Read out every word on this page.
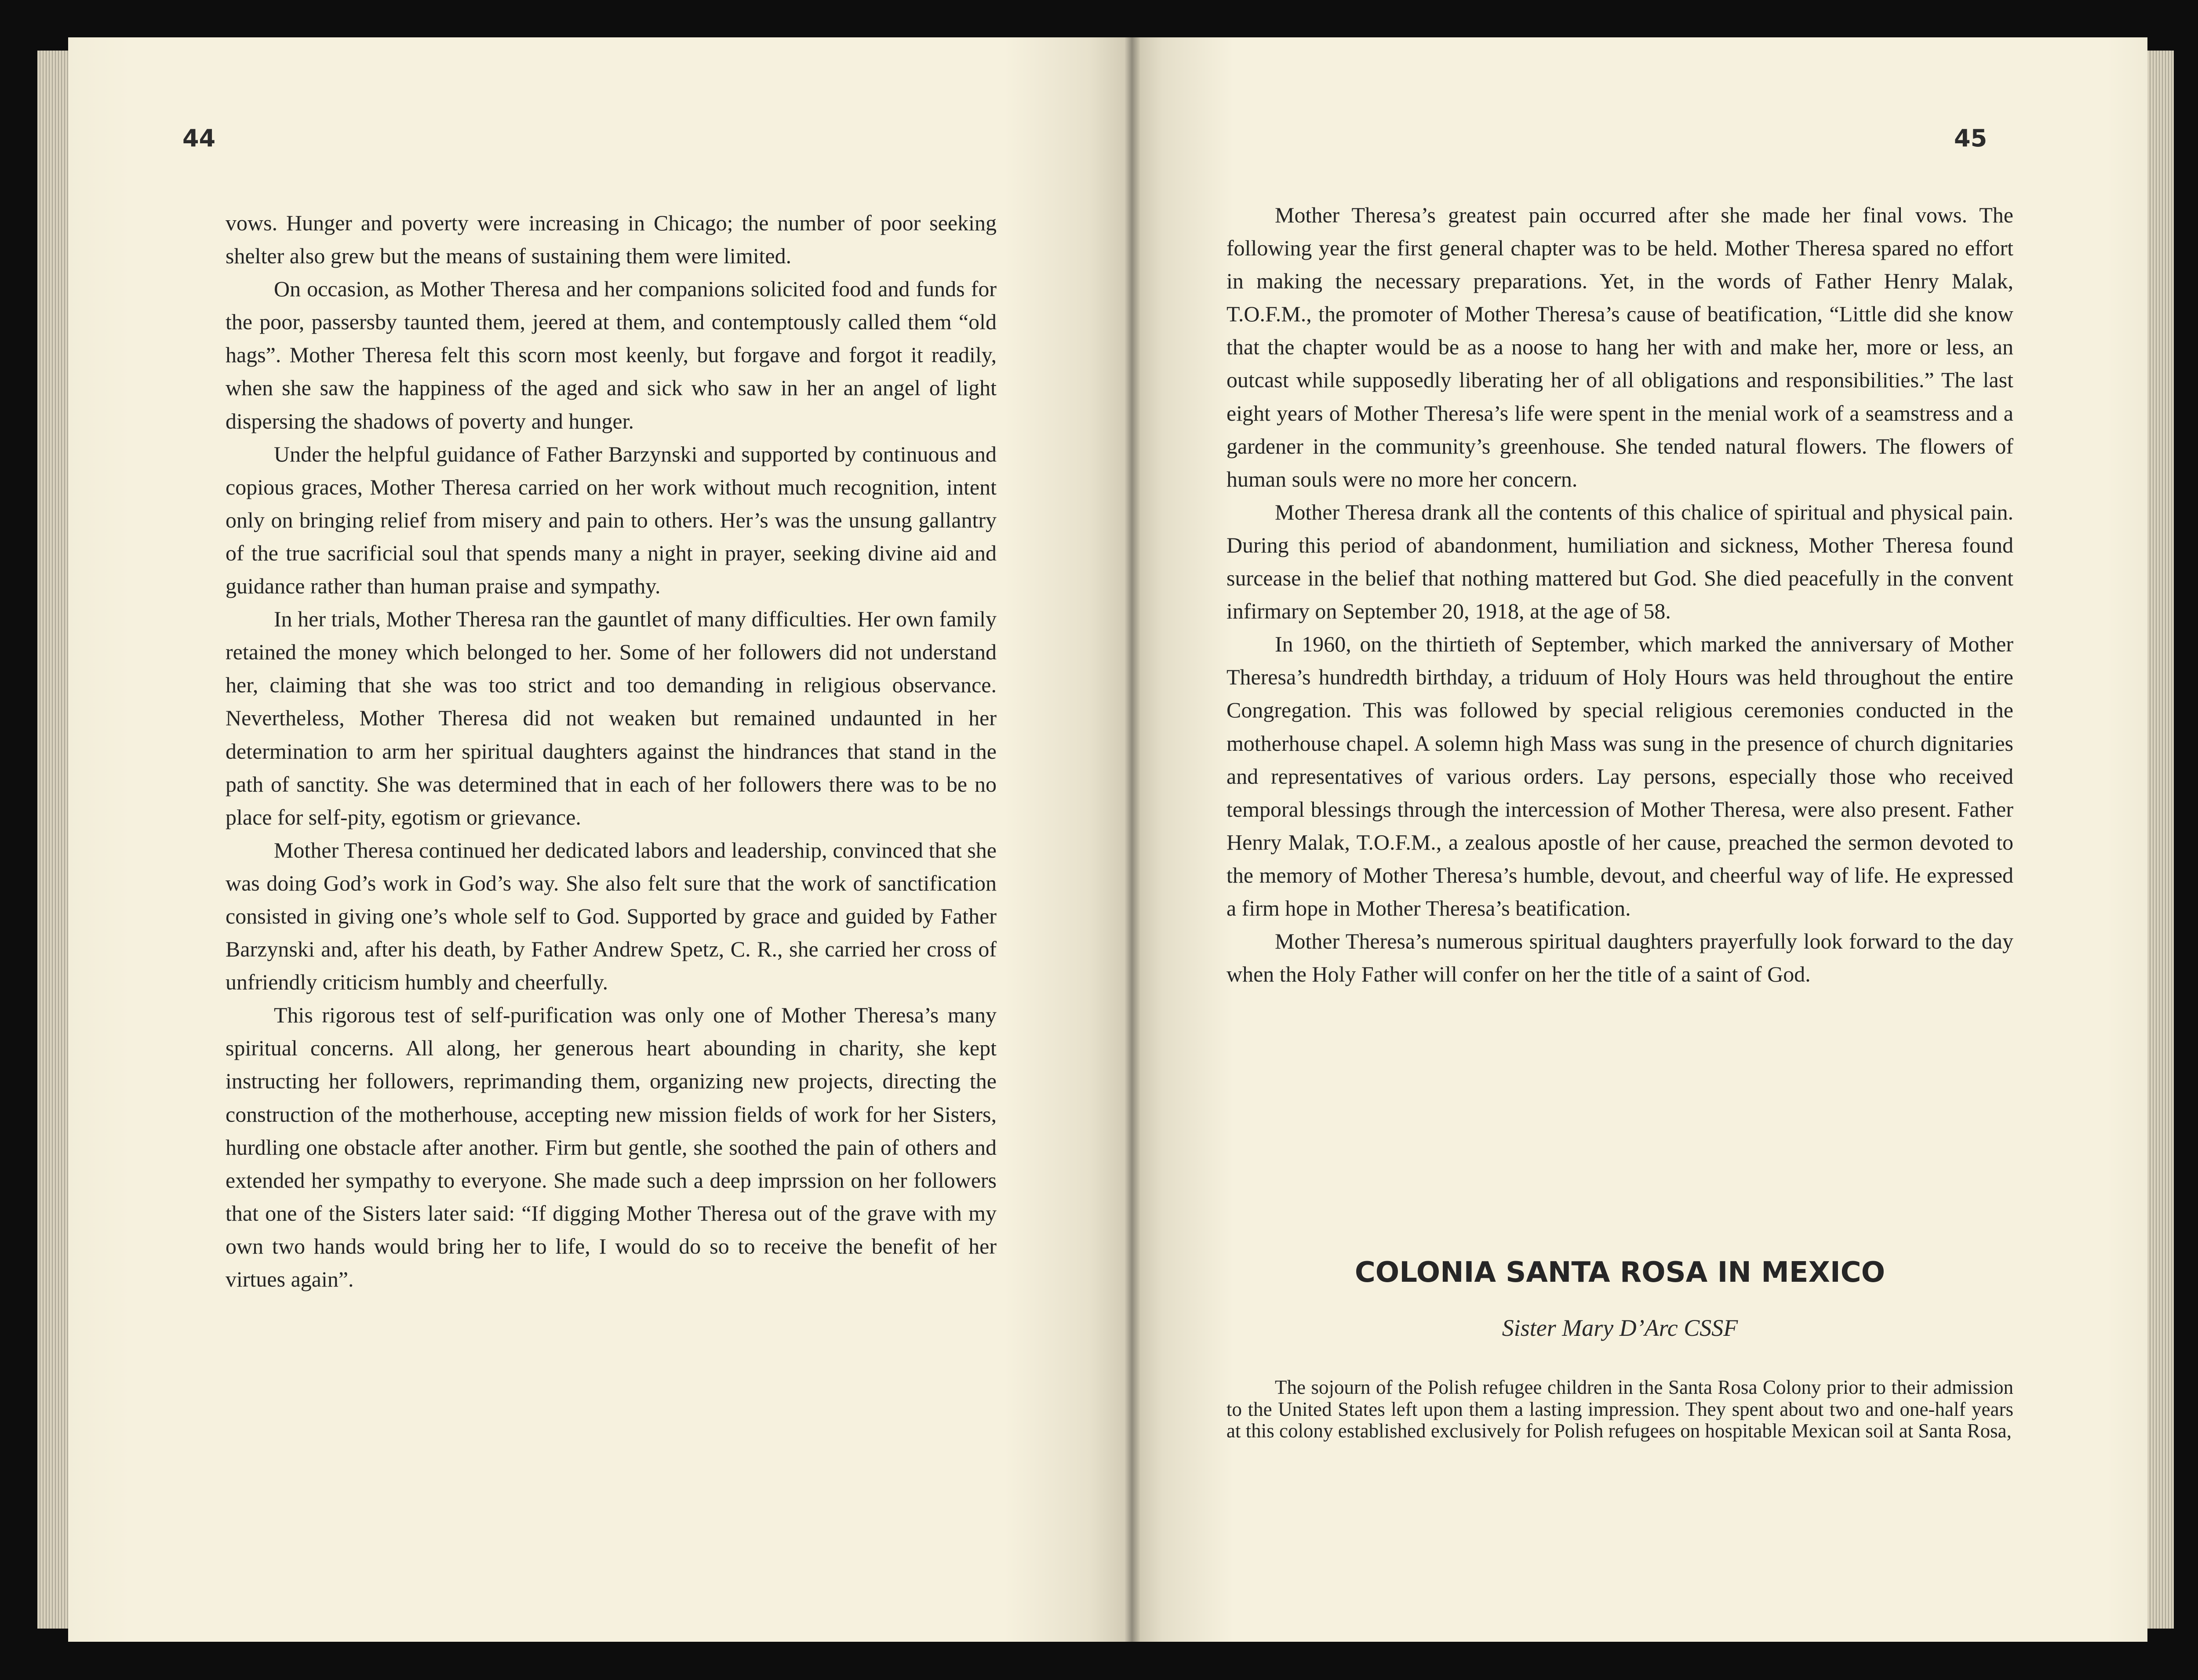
44	45

vows. Hunger and poverty were increasing in Chicago; the number of poor seeking shelter also grew but the means of sustaining them were limited.

On occasion, as Mother Theresa and her companions solicited food and funds for the poor, passersby taunted them, jeered at them, and contemptously called them “old hags”. Mother Theresa felt this scorn most keenly, but forgave and forgot it readily, when she saw the happiness of the aged and sick who saw in her an angel of light dispersing the shadows of poverty and hunger.

Under the helpful guidance of Father Barzynski and supported by continuous and copious graces, Mother Theresa carried on her work without much recognition, intent only on bringing relief from misery and pain to others. Her’s was the unsung gallantry of the true sacrificial soul that spends many a night in prayer, seeking divine aid and guidance rather than human praise and sympathy.

In her trials, Mother Theresa ran the gauntlet of many difficulties. Her own family retained the money which belonged to her. Some of her followers did not understand her, claiming that she was too strict and too demanding in religious observance. Nevertheless, Mother Theresa did not weaken but remained undaunted in her determination to arm her spiritual daughters against the hindrances that stand in the path of sanctity. She was determined that in each of her followers there was to be no place for self-pity, egotism or grievance.

Mother Theresa continued her dedicated labors and leadership, convinced that she was doing God’s work in God’s way. She also felt sure that the work of sanctification consisted in giving one’s whole self to God. Supported by grace and guided by Father Barzynski and, after his death, by Father Andrew Spetz, C. R., she carried her cross of unfriendly criticism humbly and cheerfully.

This rigorous test of self-purification was only one of Mother Theresa’s many spiritual concerns. All along, her generous heart abounding in charity, she kept instructing her followers, reprimanding them, organizing new projects, directing the construction of the motherhouse, accepting new mission fields of work for her Sisters, hurdling one obstacle after another. Firm but gentle, she soothed the pain of others and extended her sympathy to everyone. She made such a deep imprssion on her followers that one of the Sisters later said: “If digging Mother Theresa out of the grave with my own two hands would bring her to life, I would do so to receive the benefit of her virtues again”.

Mother Theresa’s greatest pain occurred after she made her final vows. The following year the first general chapter was to be held. Mother Theresa spared no effort in making the necessary preparations. Yet, in the words of Father Henry Malak, T.O.F.M., the promoter of Mother Theresa’s cause of beatification, “Little did she know that the chapter would be as a noose to hang her with and make her, more or less, an outcast while supposedly liberating her of all obligations and responsibilities.” The last eight years of Mother Theresa’s life were spent in the menial work of a seamstress and a gardener in the community’s greenhouse. She tended natural flowers. The flowers of human souls were no more her concern.

Mother Theresa drank all the contents of this chalice of spiritual and physical pain. During this period of abandonment, humiliation and sickness, Mother Theresa found surcease in the belief that nothing mattered but God. She died peacefully in the convent infirmary on September 20, 1918, at the age of 58.

In 1960, on the thirtieth of September, which marked the anniversary of Mother Theresa’s hundredth birthday, a triduum of Holy Hours was held throughout the entire Congregation. This was followed by special religious ceremonies conducted in the motherhouse chapel. A solemn high Mass was sung in the presence of church dignitaries and representatives of various orders. Lay persons, especially those who received temporal blessings through the intercession of Mother Theresa, were also present. Father Henry Malak, T.O.F.M., a zealous apostle of her cause, preached the sermon devoted to the memory of Mother Theresa’s humble, devout, and cheerful way of life. He expressed a firm hope in Mother Theresa’s beatification.

Mother Theresa’s numerous spiritual daughters prayerfully look forward to the day when the Holy Father will confer on her the title of a saint of God.

COLONIA SANTA ROSA IN MEXICO
Sister Mary D’Arc CSSF

The sojourn of the Polish refugee children in the Santa Rosa Colony prior to their admission to the United States left upon them a lasting impression. They spent about two and one-half years at this colony established exclusively for Polish refugees on hospitable Mexican soil at Santa Rosa,
